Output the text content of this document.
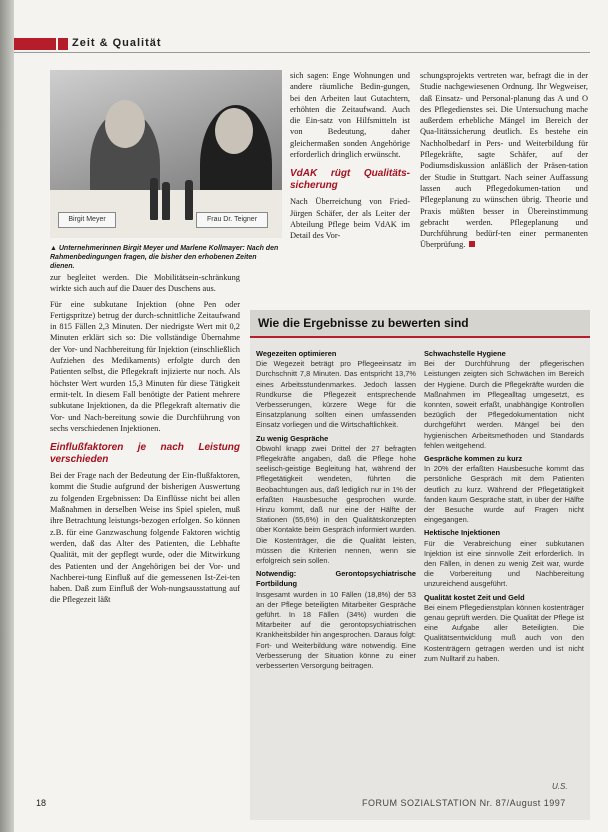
Zeit & Qualität
Birgit Meyer	Frau Dr. Teigner
▲ Unternehmerinnen Birgit Meyer und Marlene Kollmayer: Nach den Rahmenbedingungen fragen, die bisher den erhobenen Zeiten dienen.

zur begleitet werden. Die Mobilitätsein-schränkung wirkte sich auch auf die Dauer des Duschens aus.

Für eine subkutane Injektion (ohne Pen oder Fertigspritze) betrug der durch-schnittliche Zeitaufwand in 815 Fällen 2,3 Minuten. Der niedrigste Wert mit 0,2 Minuten erklärt sich so: Die vollständige Übernahme der Vor- und Nachbereitung für Injektion (einschließlich Aufziehen des Medikaments) erfolgte durch den Patienten selbst, die Pflegekraft injizierte nur noch. Als höchster Wert wurden 15,3 Minuten für diese Tätigkeit ermit-telt. In diesem Fall benötigte der Patient mehrere subkutane Injektionen, da die Pflegekraft alternativ die Vor- und Nach-bereitung sowie die Durchführung von sechs verschiedenen Injektionen.

Einflußfaktoren je nach Leistung verschieden

Bei der Frage nach der Bedeutung der Ein-flußfaktoren, kommt die Studie aufgrund der bisherigen Auswertung zu folgenden Ergebnissen: Da Einflüsse nicht bei allen Maßnahmen in derselben Weise ins Spiel spielen, muß ihre Betrachtung leistungs-bezogen erfolgen. So können z.B. für eine Ganzwaschung folgende Faktoren wichtig werden, daß das Alter des Patienten, die Lebhafte Qualität, mit der gepflegt wurde, oder die Mitwirkung des Patienten und der Angehörigen bei der Vor- und Nachberei-tung Einfluß auf die gemessenen Ist-Zei-ten haben. Daß zum Einfluß der Woh-nungsausstattung auf die Pflegezeit läßt

sich sagen: Enge Wohnungen und andere räumliche Bedin-gungen, bei den Arbeiten laut Gutachtern, erhöhten die Zeitaufwand. Auch die Ein-satz von Hilfsmitteln ist von Bedeutung, daher gleichermaßen sonden Angehörige erforderlich dringlich erwünscht.

VdAK rügt Qualitäts-sicherung

Nach Überreichung von Fried-Jürgen Schäfer, der als Leiter der Abteilung Pflege beim VdAK im Detail des Vor-

schungsprojekts vertreten war, befragt die in der Studie nachgewiesenen Ordnung. Ihr Wegweiser, daß Einsatz- und Personal-planung das A und O des Pflegedienstes sei. Die Untersuchung mache außerdem erhebliche Mängel im Bereich der Qua-litätssicherung deutlich. Es bestehe ein Nachholbedarf in Pers- und Weiterbildung für Pflegekräfte, sagte Schäfer, auf der Podiumsdiskussion anläßlich der Präsen-tation der Studie in Stuttgart. Nach seiner Auffassung lassen auch Pflegedokumen-tation und Pflegeplanung zu wünschen übrig. Theorie und Praxis müßten besser in Übereinstimmung gebracht werden. Pflegeplanung und Durchführung bedürf-ten einer permanenten Überprüfung.

Wie die Ergebnisse zu bewerten sind
Wegezeiten optimieren

Die Wegezeit beträgt pro Pflegeeinsatz im Durchschnitt 7,8 Minuten. Das entspricht 13,7% eines Arbeitsstundenmarkes. Jedoch lassen Rundkurse die Pflegezeit entsprechende Verbesserungen, kürzere Wege für die Einsatzplanung sollten einen umfassenden Einsatz vorliegen und die Wirtschaftlichkeit.

Zu wenig Gespräche

Obwohl knapp zwei Drittel der 27 befragten Pflegekräfte angaben, daß die Pflege hohe seelisch-geistige Begleitung hat, während der Pflegetätigkeit wendeten, führten die Beobachtungen aus, daß lediglich nur in 1% der erfaßten Hausbesuche gesprochen wurde. Hinzu kommt, daß nur eine der Hälfte der Stationen (55,6%) in den Qualitätskonzepten über Kontakte beim Gespräch informiert wurden. Die Kostenträger, die die Qualität leisten, müssen die Kriterien nennen, wenn sie erfolgreich sein sollen.

Notwendig: Gerontopsychiatrische Fortbildung

Insgesamt wurden in 10 Fällen (18,8%) der 53 an der Pflege beteiligten Mitarbeiter Gespräche geführt. In 18 Fällen (34%) wurden die Mitarbeiter auf die gerontopsychiatrischen Krankheitsbilder hin angesprochen. Daraus folgt: Fort- und Weiterbildung wäre notwendig. Eine Verbesserung der Situation könne zu einer verbesserten Versorgung beitragen.

Schwachstelle Hygiene

Bei der Durchführung der pflegerischen Leistungen zeigten sich Schwächen im Bereich der Hygiene. Durch die Pflegekräfte wurden die Maßnahmen im Pflegealltag umgesetzt, es konnten, soweit erfaßt, unabhängige Kontrollen bezüglich der Pflegedokumentation nicht durchgeführt werden. Mängel bei den hygienischen Arbeitsmethoden und Standards fehlen weitgehend.

Gespräche kommen zu kurz

In 20% der erfaßten Hausbesuche kommt das persönliche Gespräch mit dem Patienten deutlich zu kurz. Während der Pflegetätigkeit fanden kaum Gespräche statt, in über der Hälfte der Besuche wurde auf Fragen nicht eingegangen.

Hektische Injektionen

Für die Verabreichung einer subkutanen Injektion ist eine sinnvolle Zeit erforderlich. In den Fällen, in denen zu wenig Zeit war, wurde die Vorbereitung und Nachbereitung unzureichend ausgeführt.

Qualität kostet Zeit und Geld

Bei einem Pflegedienstplan können kostenträger genau geprüft werden. Die Qualität der Pflege ist eine Aufgabe aller Beteiligten. Die Qualitätsentwicklung muß auch von den Kostenträgern getragen werden und ist nicht zum Nulltarif zu haben.

U.S.
18	FORUM SOZIALSTATION Nr. 87/August 1997
